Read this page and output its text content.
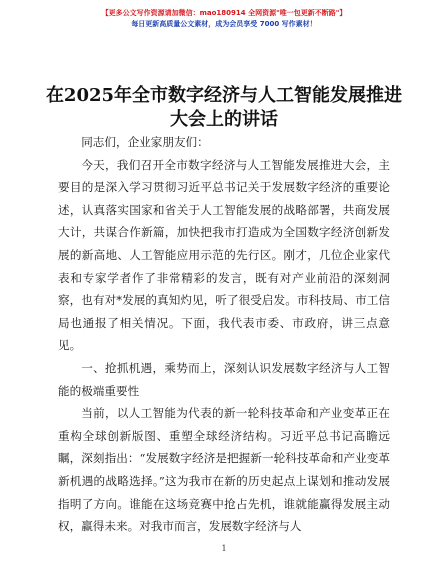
【更多公文写作资源请加微信：mao180914 全网资源"唯一包更新不断路"】
每日更新高质量公文素材，成为会员享受 7000 写作素材！
在2025年全市数字经济与人工智能发展推进大会上的讲话

同志们，企业家朋友们：

今天，我们召开全市数字经济与人工智能发展推进大会，主要目的是深入学习贯彻习近平总书记关于发展数字经济的重要论述，认真落实国家和省关于人工智能发展的战略部署，共商发展大计，共谋合作新篇，加快把我市打造成为全国数字经济创新发展的新高地、人工智能应用示范的先行区。刚才，几位企业家代表和专家学者作了非常精彩的发言，既有对产业前沿的深刻洞察，也有对*发展的真知灼见，听了很受启发。市科技局、市工信局也通报了相关情况。下面，我代表市委、市政府，讲三点意见。

一、抢抓机遇，乘势而上，深刻认识发展数字经济与人工智能的极端重要性

当前，以人工智能为代表的新一轮科技革命和产业变革正在重构全球创新版图、重塑全球经济结构。习近平总书记高瞻远瞩，深刻指出：“发展数字经济是把握新一轮科技革命和产业变革新机遇的战略选择。”这为我市在新的历史起点上谋划和推动发展指明了方向。谁能在这场竞赛中抢占先机，谁就能赢得发展主动权，赢得未来。对我市而言，发展数字经济与人

1
